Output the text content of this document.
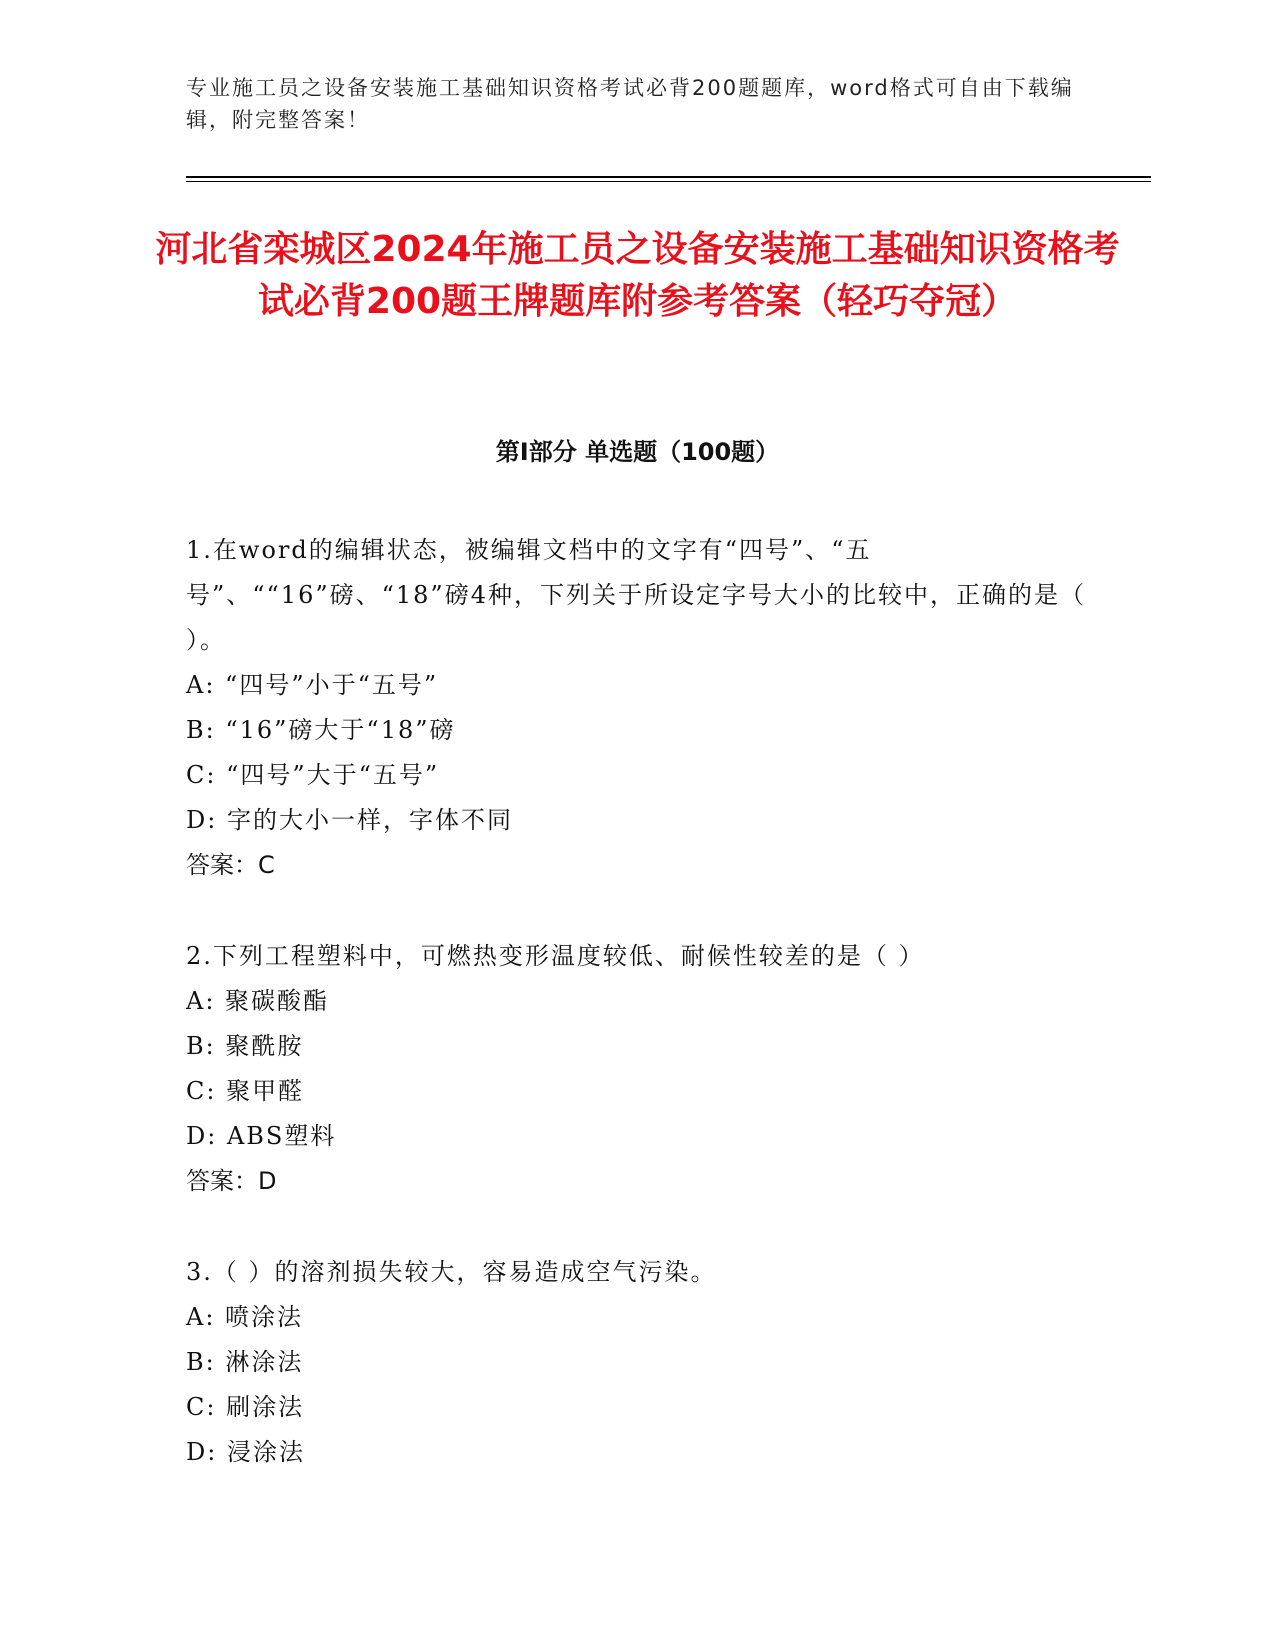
专业施工员之设备安装施工基础知识资格考试必背200题题库，word格式可自由下载编辑，附完整答案！
河北省栾城区2024年施工员之设备安装施工基础知识资格考试必背200题王牌题库附参考答案（轻巧夺冠）
第I部分 单选题（100题）

1.在word的编辑状态，被编辑文档中的文字有“四号”、“五号”、““16”磅、“18”磅4种，下列关于所设定字号大小的比较中，正确的是（ ）。

A: “四号”小于“五号”

B: “16”磅大于“18”磅

C: “四号”大于“五号”

D: 字的大小一样，字体不同

答案：C

2.下列工程塑料中，可燃热变形温度较低、耐候性较差的是（ ）

A: 聚碳酸酯

B: 聚酰胺

C: 聚甲醛

D: ABS塑料

答案：D

3.（ ）的溶剂损失较大，容易造成空气污染。

A: 喷涂法

B: 淋涂法

C: 刷涂法

D: 浸涂法
